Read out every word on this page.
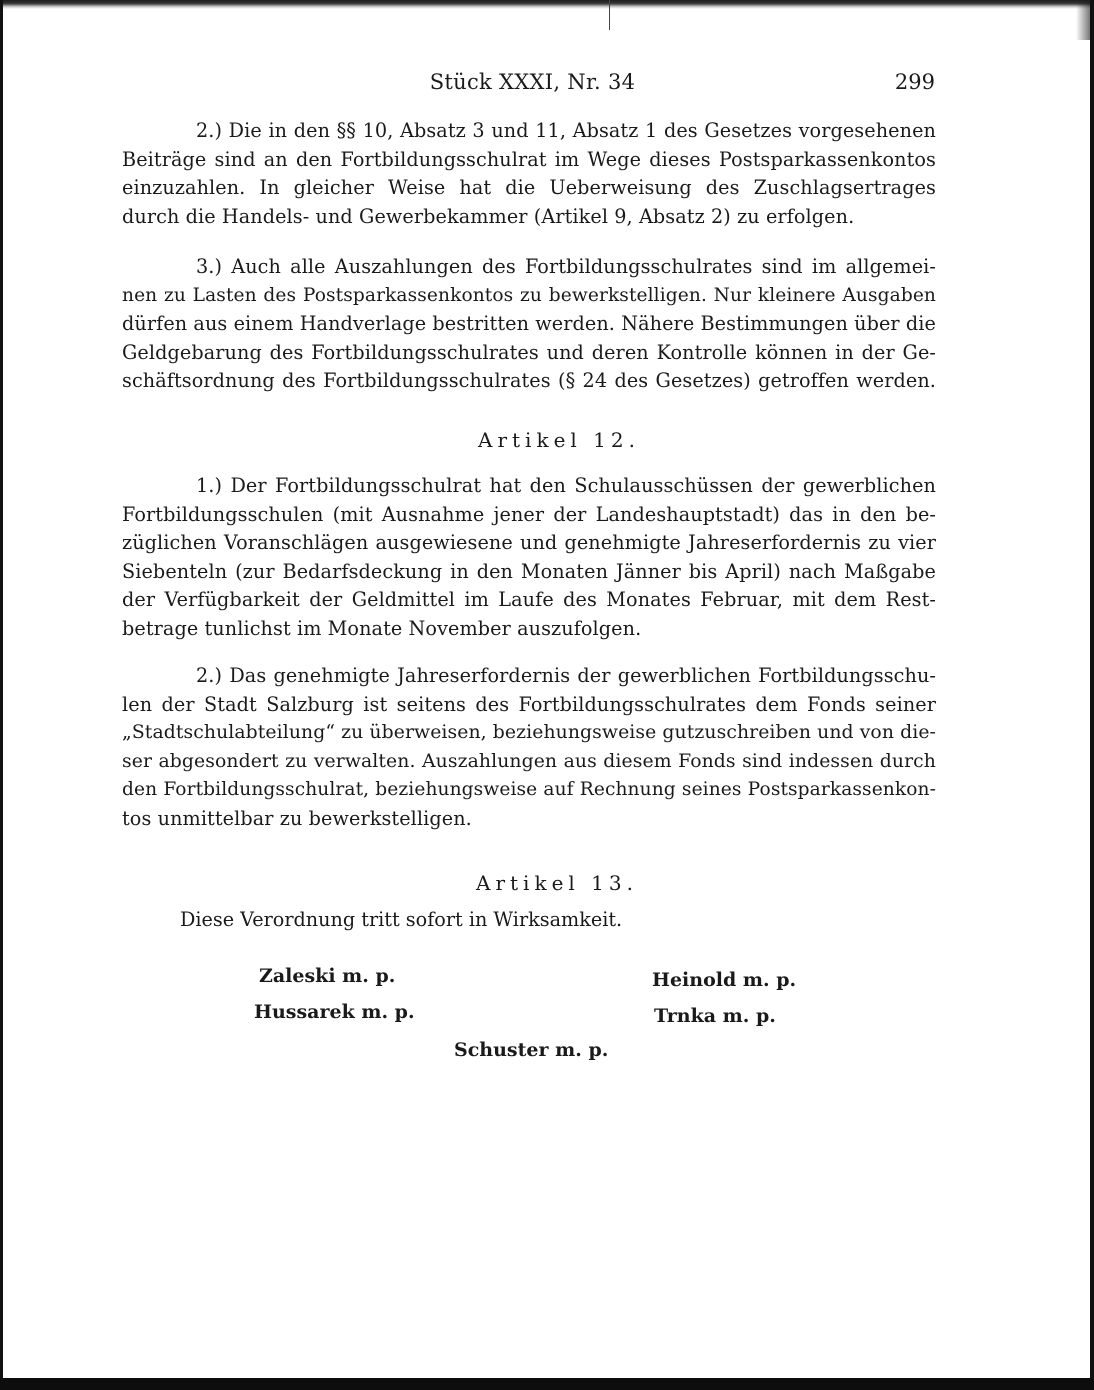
Stück XXXI, Nr. 34	299

2.) Die in den §§ 10, Absatz 3 und 11, Absatz 1 des Gesetzes vorgesehenen
Beiträge sind an den Fortbildungsschulrat im Wege dieses Postsparkassenkontos
einzuzahlen. In gleicher Weise hat die Ueberweisung des Zuschlagsertrages
durch die Handels- und Gewerbekammer (Artikel 9, Absatz 2) zu erfolgen.

3.) Auch alle Auszahlungen des Fortbildungsschulrates sind im allgemei-
nen zu Lasten des Postsparkassenkontos zu bewerkstelligen. Nur kleinere Ausgaben
dürfen aus einem Handverlage bestritten werden. Nähere Bestimmungen über die
Geldgebarung des Fortbildungsschulrates und deren Kontrolle können in der Ge-
schäftsordnung des Fortbildungsschulrates (§ 24 des Gesetzes) getroffen werden.

Artikel 12.

1.) Der Fortbildungsschulrat hat den Schulausschüssen der gewerblichen
Fortbildungsschulen (mit Ausnahme jener der Landeshauptstadt) das in den be-
züglichen Voranschlägen ausgewiesene und genehmigte Jahreserfordernis zu vier
Siebenteln (zur Bedarfsdeckung in den Monaten Jänner bis April) nach Maßgabe
der Verfügbarkeit der Geldmittel im Laufe des Monates Februar, mit dem Rest-
betrage tunlichst im Monate November auszufolgen.

2.) Das genehmigte Jahreserfordernis der gewerblichen Fortbildungsschu-
len der Stadt Salzburg ist seitens des Fortbildungsschulrates dem Fonds seiner
„Stadtschulabteilung“ zu überweisen, beziehungsweise gutzuschreiben und von die-
ser abgesondert zu verwalten. Auszahlungen aus diesem Fonds sind indessen durch
den Fortbildungsschulrat, beziehungsweise auf Rechnung seines Postsparkassenkon-
tos unmittelbar zu bewerkstelligen.

Artikel 13.
Diese Verordnung tritt sofort in Wirksamkeit.
Zaleski m. p.	Heinold m. p.
Hussarek m. p.	Trnka m. p.
Schuster m. p.
